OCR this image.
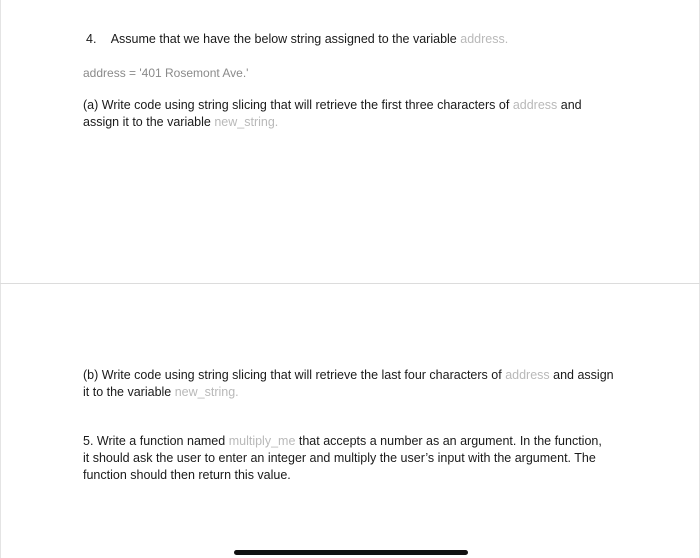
4. Assume that we have the below string assigned to the variable address.
address = '401 Rosemont Ave.'
(a) Write code using string slicing that will retrieve the first three characters of address and
assign it to the variable new_string.
(b) Write code using string slicing that will retrieve the last four characters of address and assign
it to the variable new_string.
5. Write a function named multiply_me that accepts a number as an argument. In the function,
it should ask the user to enter an integer and multiply the user’s input with the argument. The
function should then return this value.
